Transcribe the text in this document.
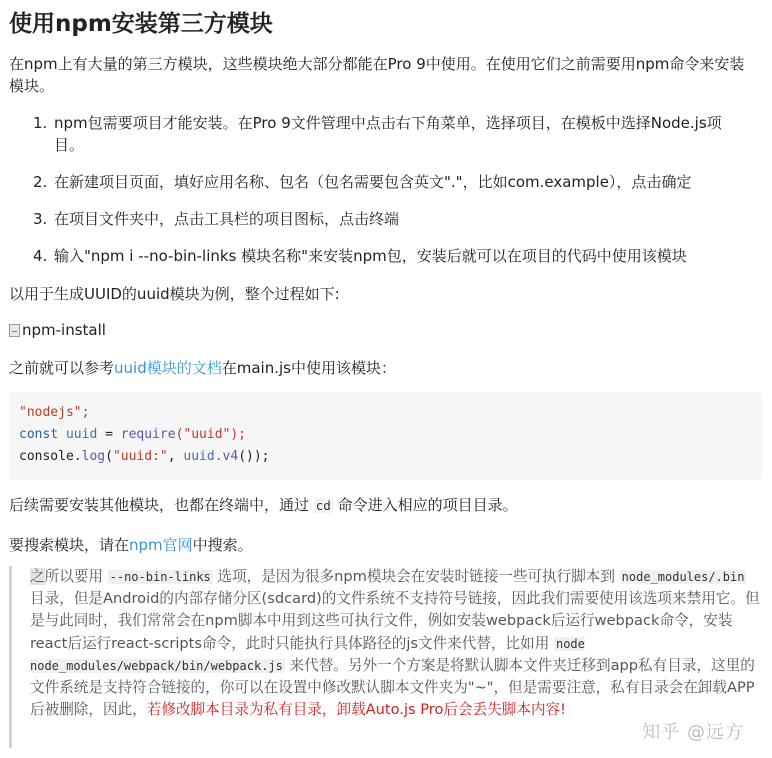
使用npm安装第三方模块

在npm上有大量的第三方模块，这些模块绝大部分都能在Pro 9中使用。在使用它们之前需要用npm命令来安装模块。

1. npm包需要项目才能安装。在Pro 9文件管理中点击右下角菜单，选择项目，在模板中选择Node.js项目。
2. 在新建项目页面，填好应用名称、包名（包名需要包含英文"."，比如com.example），点击确定
3. 在项目文件夹中，点击工具栏的项目图标，点击终端
4. 输入"npm i --no-bin-links 模块名称"来安装npm包，安装后就可以在项目的代码中使用该模块

以用于生成UUID的uuid模块为例，整个过程如下:

npm-install

之前就可以参考uuid模块的文档在main.js中使用该模块：

"nodejs";
const uuid = require("uuid");
console.log("uuid:", uuid.v4());

后续需要安装其他模块，也都在终端中，通过 cd 命令进入相应的项目目录。

要搜索模块，请在npm官网中搜索。

之所以要用 --no-bin-links 选项，是因为很多npm模块会在安装时链接一些可执行脚本到 node_modules/.bin 目录，但是Android的内部存储分区(sdcard)的文件系统不支持符号链接，因此我们需要使用该选项来禁用它。但是与此同时，我们常常会在npm脚本中用到这些可执行文件，例如安装webpack后运行webpack命令，安装react后运行react-scripts命令，此时只能执行具体路径的js文件来代替，比如用 node node_modules/webpack/bin/webpack.js 来代替。另外一个方案是将默认脚本文件夹迁移到app私有目录，这里的文件系统是支持符合链接的，你可以在设置中修改默认脚本文件夹为"~"，但是需要注意，私有目录会在卸载APP后被删除，因此，若修改脚本目录为私有目录，卸载Auto.js Pro后会丢失脚本内容!
知乎 @远方
